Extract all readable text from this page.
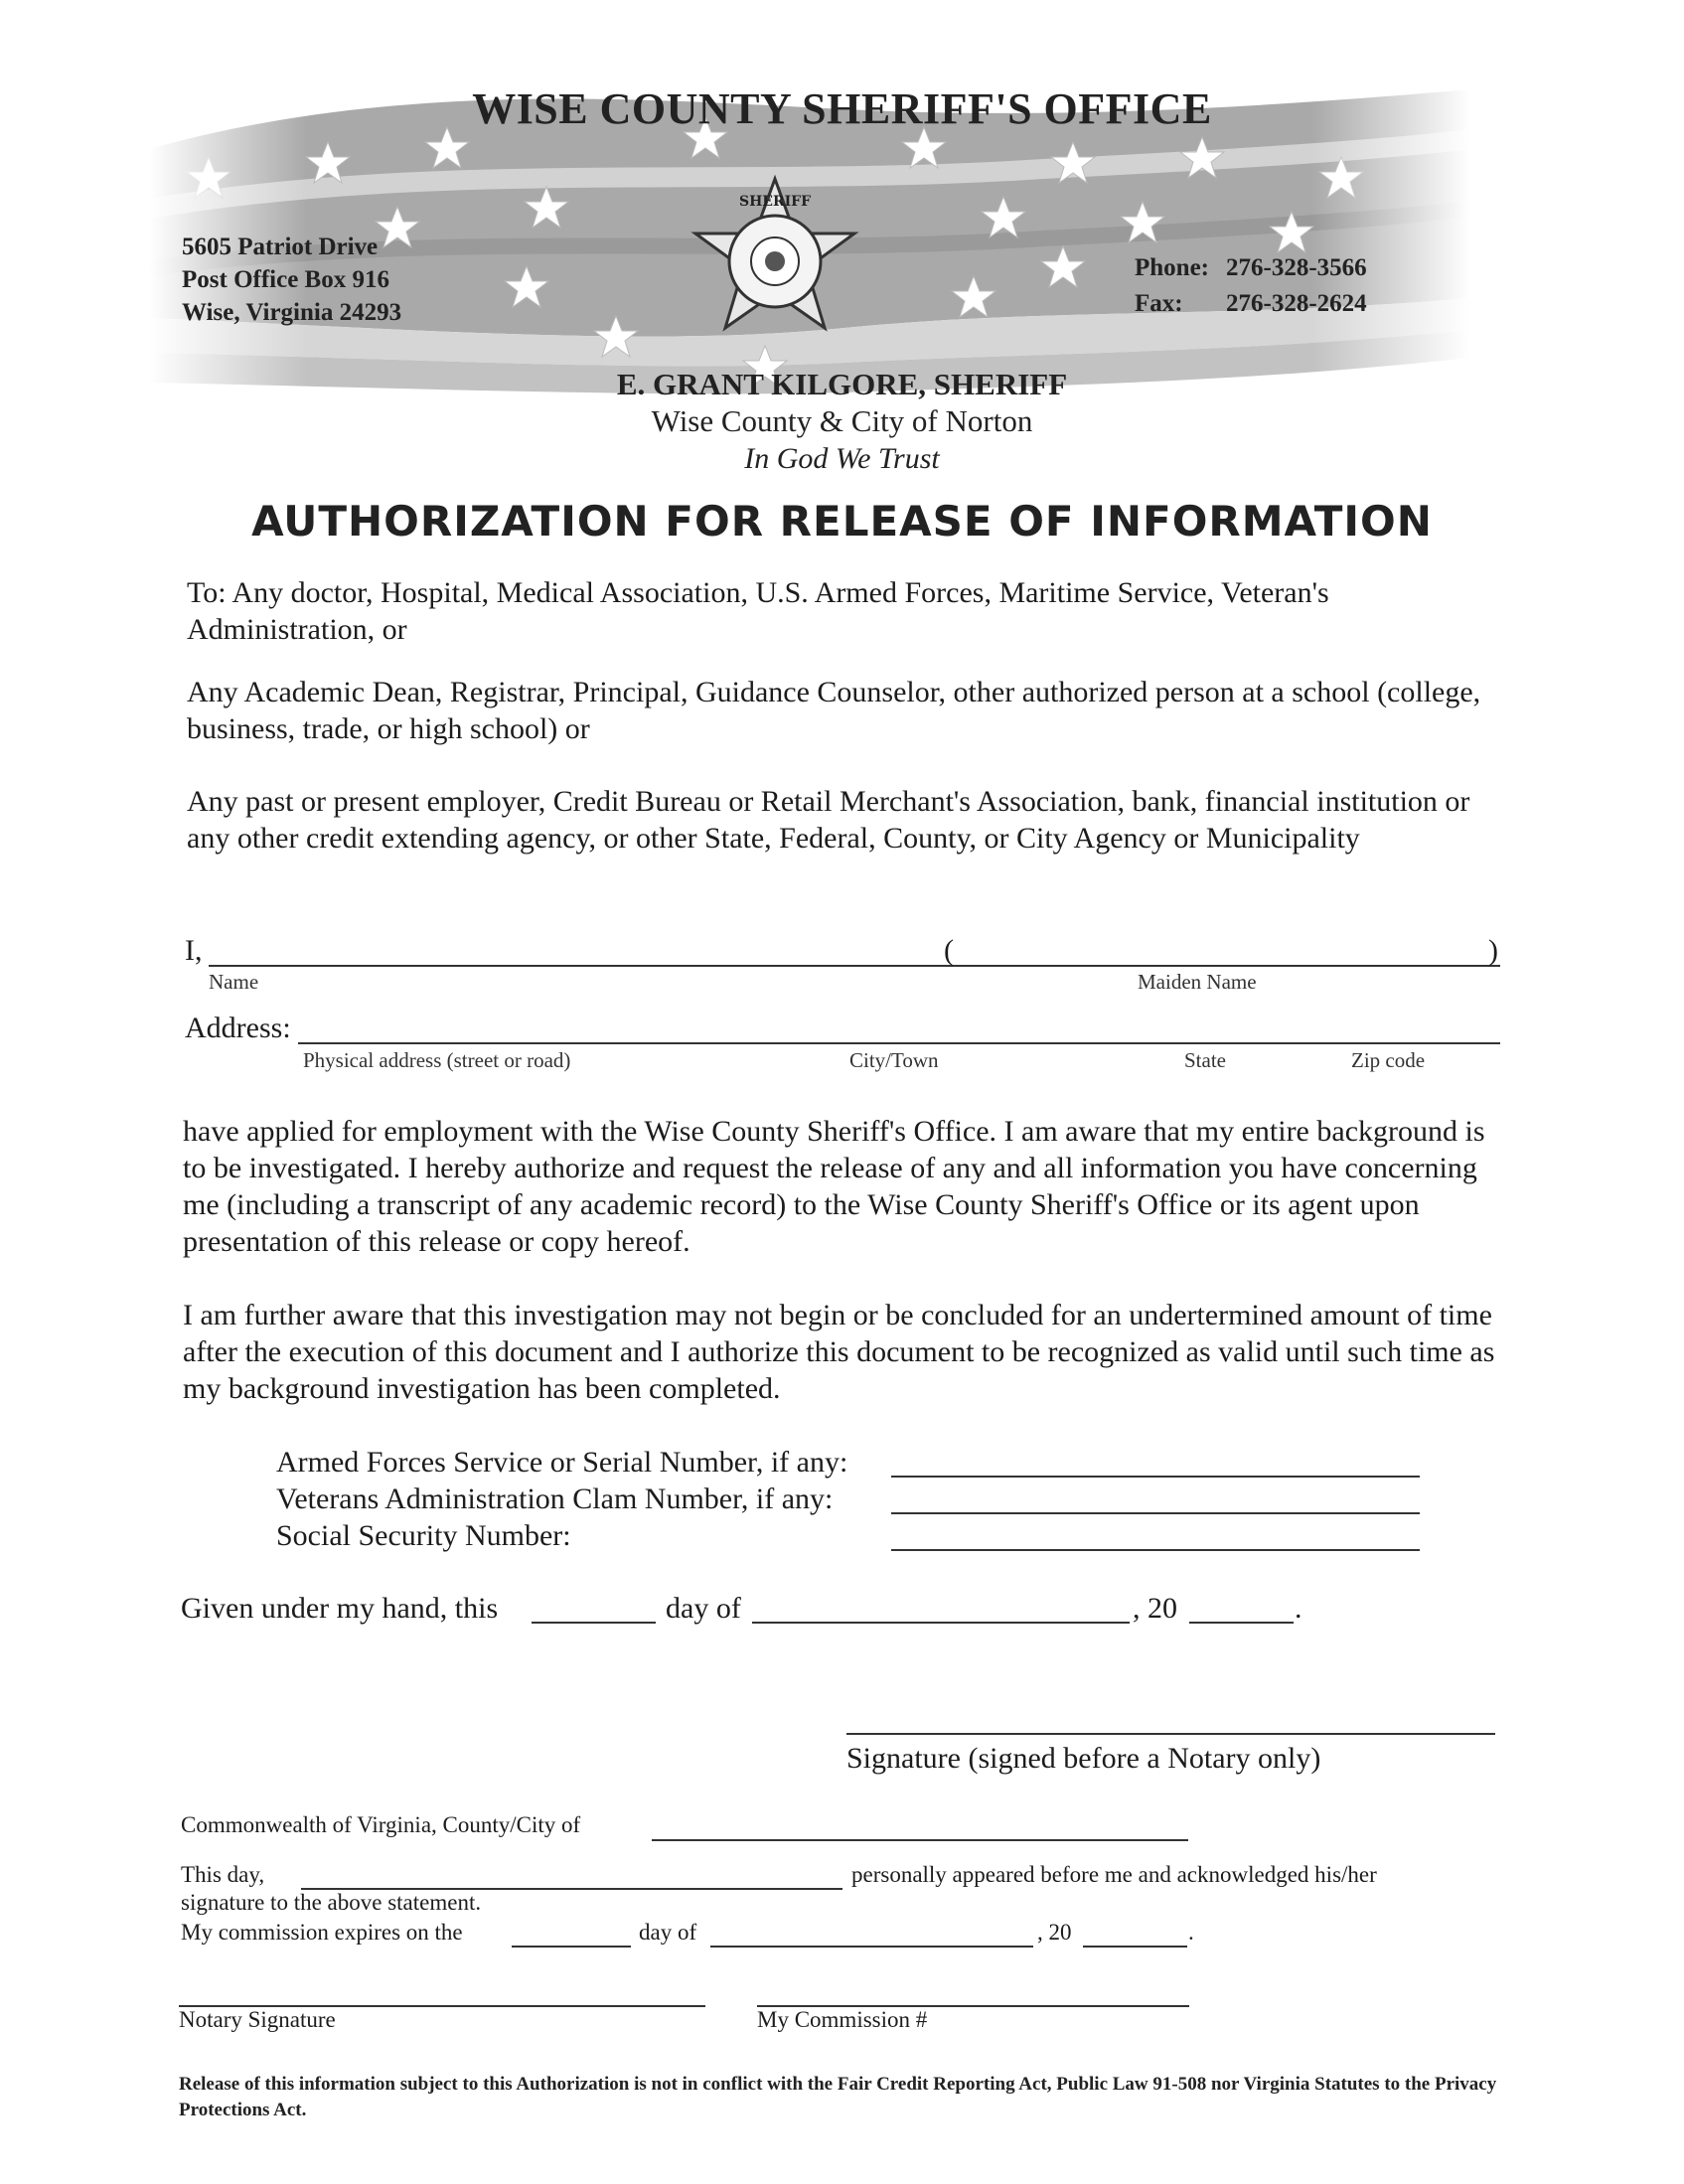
SHERIFF
WISE COUNTY SHERIFF'S OFFICE
5605 Patriot Drive
Post Office Box 916
Wise, Virginia 24293
Phone: 276-328-3566
Fax: 276-328-2624
E. GRANT KILGORE, SHERIFF
Wise County & City of Norton
In God We Trust
AUTHORIZATION FOR RELEASE OF INFORMATION
To: Any doctor, Hospital, Medical Association, U.S. Armed Forces, Maritime Service, Veteran's Administration, or
Any Academic Dean, Registrar, Principal, Guidance Counselor, other authorized person at a school (college, business, trade, or high school) or
Any past or present employer, Credit Bureau or Retail Merchant's Association, bank, financial institution or any other credit extending agency, or other State, Federal, County, or City Agency or Municipality
I,	(	)
Name	Maiden Name
Address:
Physical address (street or road)	City/Town	State	Zip code
have applied for employment with the Wise County Sheriff's Office. I am aware that my entire background is to be investigated. I hereby authorize and request the release of any and all information you have concerning me (including a transcript of any academic record) to the Wise County Sheriff's Office or its agent upon presentation of this release or copy hereof.
I am further aware that this investigation may not begin or be concluded for an undertermined amount of time after the execution of this document and I authorize this document to be recognized as valid until such time as my background investigation has been completed.
Armed Forces Service or Serial Number, if any:
Veterans Administration Clam Number, if any:
Social Security Number:
Given under my hand, this	day of	, 20	.
Signature (signed before a Notary only)
Commonwealth of Virginia, County/City of
This day,	personally appeared before me and acknowledged his/her
signature to the above statement.
My commission expires on the	day of	, 20	.
Notary Signature	My Commission #
Release of this information subject to this Authorization is not in conflict with the Fair Credit Reporting Act, Public Law 91-508 nor Virginia Statutes to the Privacy Protections Act.
